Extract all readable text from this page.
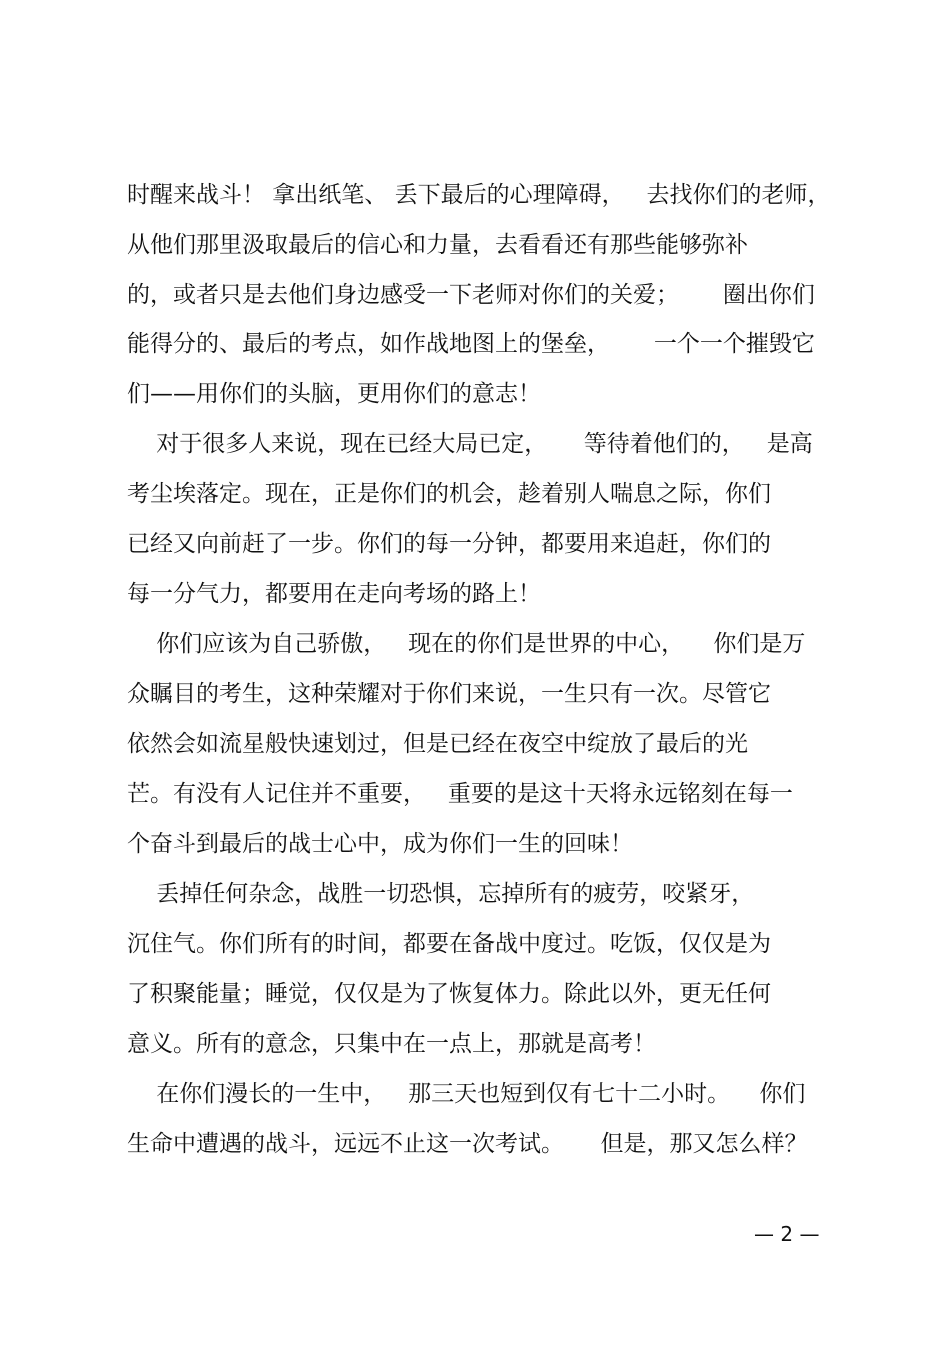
时醒来战斗！ 拿出纸笔、 丢下最后的心理障碍，   去找你们的老师，
从他们那里汲取最后的信心和力量，去看看还有那些能够弥补
的，或者只是去他们身边感受一下老师对你们的关爱；      圈出你们
能得分的、最后的考点，如作战地图上的堡垒，      一个一个摧毁它
们——用你们的头脑，更用你们的意志！
对于很多人来说，现在已经大局已定，     等待着他们的，   是高
考尘埃落定。现在，正是你们的机会，趁着别人喘息之际，你们
已经又向前赶了一步。你们的每一分钟，都要用来追赶，你们的
每一分气力，都要用在走向考场的路上！
你们应该为自己骄傲，   现在的你们是世界的中心，    你们是万
众瞩目的考生，这种荣耀对于你们来说，一生只有一次。尽管它
依然会如流星般快速划过，但是已经在夜空中绽放了最后的光
芒。有没有人记住并不重要，   重要的是这十天将永远铭刻在每一
个奋斗到最后的战士心中，成为你们一生的回味！
丢掉任何杂念，战胜一切恐惧，忘掉所有的疲劳，咬紧牙，
沉住气。你们所有的时间，都要在备战中度过。吃饭，仅仅是为
了积聚能量；睡觉，仅仅是为了恢复体力。除此以外，更无任何
意义。所有的意念，只集中在一点上，那就是高考！
在你们漫长的一生中，   那三天也短到仅有七十二小时。    你们
生命中遭遇的战斗，远远不止这一次考试。     但是，那又怎么样？
— 2 —
